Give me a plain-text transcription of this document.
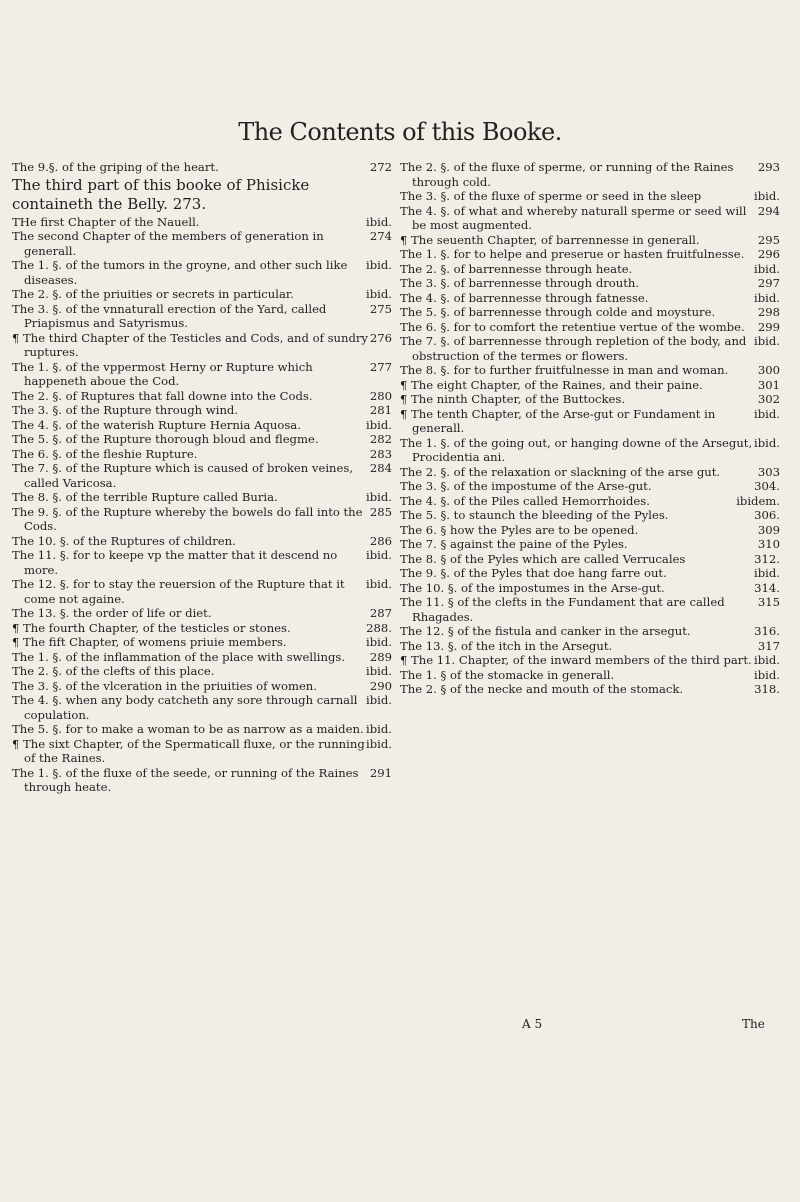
The Contents of this Booke.
272
The 9.§. of the griping of the heart.
The third part of this booke of Phisicke
containeth the Belly. 273.
ibid.
THe first Chapter of the Nauell.
274
The second Chapter of the members of generation in generall.
ibid.
The 1. §. of the tumors in the groyne, and other such like diseases.
ibid.
The 2. §. of the priuities or secrets in particular.
275
The 3. §. of the vnnaturall erection of the Yard, called Priapismus and Satyrismus.
276
¶ The third Chapter of the Testicles and Cods, and of sundry ruptures.
277
The 1. §. of the vppermost Herny or Rupture which happeneth aboue the Cod.
280
The 2. §. of Ruptures that fall downe into the Cods.
281
The 3. §. of the Rupture through wind.
ibid.
The 4. §. of the waterish Rupture Hernia Aquosa.
282
The 5. §. of the Rupture thorough bloud and flegme.
283
The 6. §. of the fleshie Rupture.
284
The 7. §. of the Rupture which is caused of broken veines, called Varicosa.
ibid.
The 8. §. of the terrible Rupture called Buria.
285
The 9. §. of the Rupture whereby the bowels do fall into the Cods.
286
The 10. §. of the Ruptures of children.
ibid.
The 11. §. for to keepe vp the matter that it descend no more.
ibid.
The 12. §. for to stay the reuersion of the Rupture that it come not againe.
287
The 13. §. the order of life or diet.
288.
¶ The fourth Chapter, of the testicles or stones.
ibid.
¶ The fift Chapter, of womens priuie members.
289
The 1. §. of the inflammation of the place with swellings.
ibid.
The 2. §. of the clefts of this place.
290
The 3. §. of the vlceration in the priuities of women.
ibid.
The 4. §. when any body catcheth any sore through carnall copulation.
ibid.
The 5. §. for to make a woman to be as narrow as a maiden.
ibid.
¶ The sixt Chapter, of the Spermaticall fluxe, or the running of the Raines.
291
The 1. §. of the fluxe of the seede, or running of the Raines through heate.
293
The 2. §. of the fluxe of sperme, or running of the Raines through cold.
ibid.
The 3. §. of the fluxe of sperme or seed in the sleep
294
The 4. §. of what and whereby naturall sperme or seed will be most augmented.
295
¶ The seuenth Chapter, of barrennesse in generall.
296
The 1. §. for to helpe and preserue or hasten fruitfulnesse.
ibid.
The 2. §. of barrennesse through heate.
297
The 3. §. of barrennesse through drouth.
ibid.
The 4. §. of barrennesse through fatnesse.
298
The 5. §. of barrennesse through colde and moysture.
299
The 6. §. for to comfort the retentiue vertue of the wombe.
ibid.
The 7. §. of barrennesse through repletion of the body, and obstruction of the termes or flowers.
300
The 8. §. for to further fruitfulnesse in man and woman.
301
¶ The eight Chapter, of the Raines, and their paine.
302
¶ The ninth Chapter, of the Buttockes.
ibid.
¶ The tenth Chapter, of the Arse-gut or Fundament in generall.
ibid.
The 1. §. of the going out, or hanging downe of the Arsegut, Procidentia ani.
303
The 2. §. of the relaxation or slackning of the arse gut.
304.
The 3. §. of the impostume of the Arse-gut.
ibidem.
The 4. §. of the Piles called Hemorrhoides.
306.
The 5. §. to staunch the bleeding of the Pyles.
309
The 6. § how the Pyles are to be opened.
310
The 7. § against the paine of the Pyles.
312.
The 8. § of the Pyles which are called Verrucales
ibid.
The 9. §. of the Pyles that doe hang farre out.
314.
The 10. §. of the impostumes in the Arse-gut.
315
The 11. § of the clefts in the Fundament that are called Rhagades.
316.
The 12. § of the fistula and canker in the arsegut.
317
The 13. §. of the itch in the Arsegut.
ibid.
¶ The 11. Chapter, of the inward members of the third part.
ibid.
The 1. § of the stomacke in generall.
318.
The 2. § of the necke and mouth of the stomack.
A 5	The
